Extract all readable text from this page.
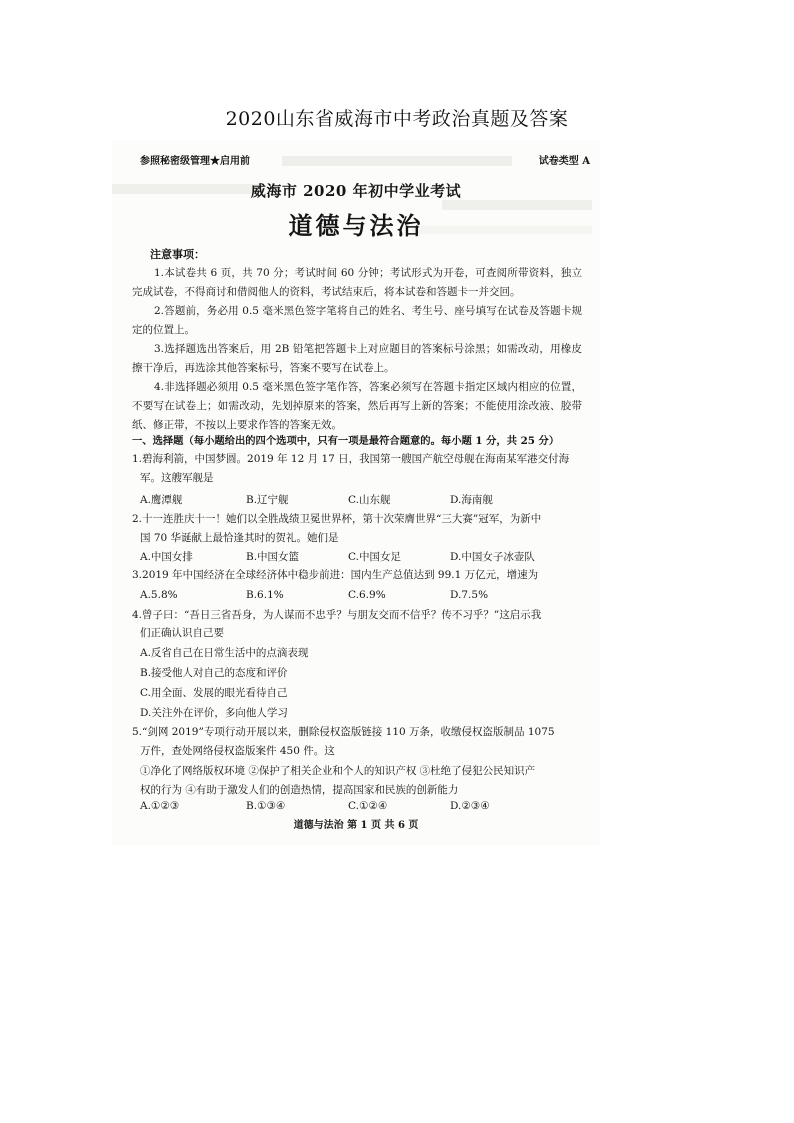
2020山东省威海市中考政治真题及答案
参照秘密级管理★启用前	试卷类型 A
威海市 2020 年初中学业考试
道德与法治
注意事项：
1.本试卷共 6 页，共 70 分；考试时间 60 分钟；考试形式为开卷，可查阅所带资料，独立完成试卷，不得商讨和借阅他人的资料，考试结束后，将本试卷和答题卡一并交回。
2.答题前，务必用 0.5 毫米黑色签字笔将自己的姓名、考生号、座号填写在试卷及答题卡规定的位置上。
3.选择题选出答案后，用 2B 铅笔把答题卡上对应题目的答案标号涂黑；如需改动，用橡皮擦干净后，再选涂其他答案标号，答案不要写在试卷上。
4.非选择题必须用 0.5 毫米黑色签字笔作答，答案必须写在答题卡指定区域内相应的位置，不要写在试卷上；如需改动，先划掉原来的答案，然后再写上新的答案；不能使用涂改液、胶带纸、修正带，不按以上要求作答的答案无效。
一、选择题（每小题给出的四个选项中，只有一项是最符合题意的。每小题 1 分，共 25 分）
1.碧海利箭，中国梦圆。2019 年 12 月 17 日，我国第一艘国产航空母舰在海南某军港交付海
军。这艘军舰是
A.鹰潭舰	B.辽宁舰	C.山东舰	D.海南舰
2.十一连胜庆十一！她们以全胜战绩卫冕世界杯，第十次荣膺世界“三大赛”冠军，为新中
国 70 华诞献上最恰逢其时的贺礼。她们是
A.中国女排	B.中国女篮	C.中国女足	D.中国女子冰壶队
3.2019 年中国经济在全球经济体中稳步前进：国内生产总值达到 99.1 万亿元，增速为
A.5.8%	B.6.1%	C.6.9%	D.7.5%
4.曾子曰：“吾日三省吾身，为人谋而不忠乎？与朋友交而不信乎？传不习乎？”这启示我
们正确认识自己要
A.反省自己在日常生活中的点滴表现
B.接受他人对自己的态度和评价
C.用全面、发展的眼光看待自己
D.关注外在评价，多向他人学习
5.“剑网 2019”专项行动开展以来，删除侵权盗版链接 110 万条，收缴侵权盗版制品 1075
万件，查处网络侵权盗版案件 450 件。这
①净化了网络版权环境 ②保护了相关企业和个人的知识产权 ③杜绝了侵犯公民知识产
权的行为 ④有助于激发人们的创造热情，提高国家和民族的创新能力
A.①②③	B.①③④	C.①②④	D.②③④
道德与法治 第 1 页 共 6 页
